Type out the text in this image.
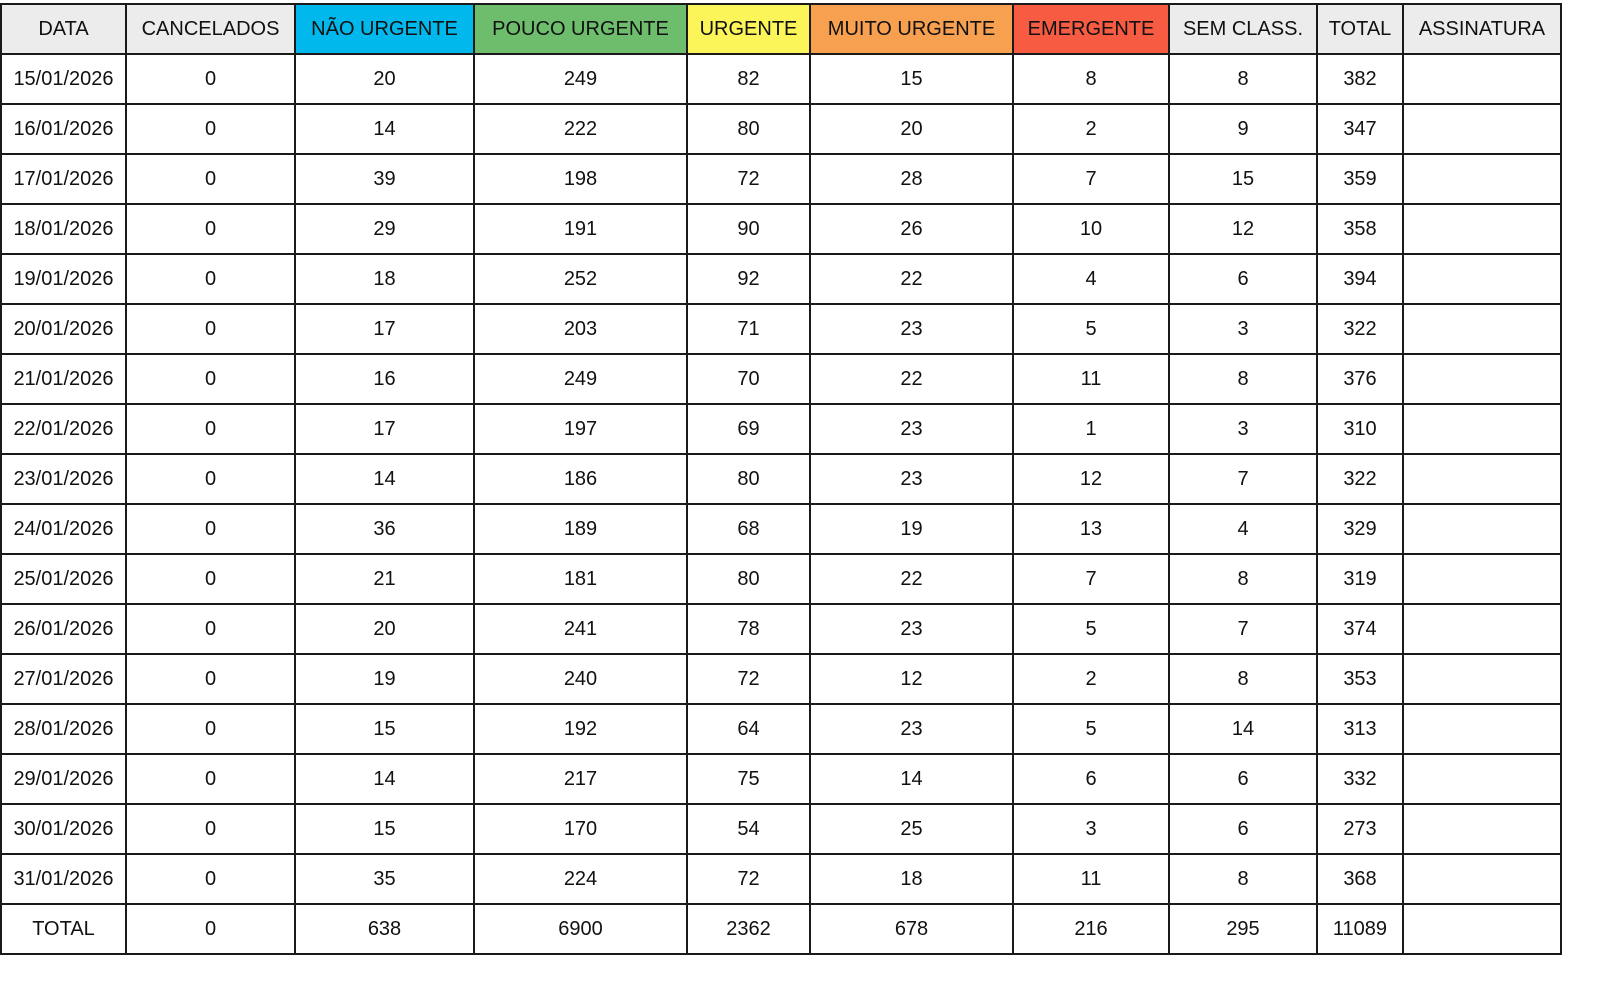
DATA	CANCELADOS	NÃO URGENTE	POUCO URGENTE	URGENTE	MUITO URGENTE	EMERGENTE	SEM CLASS.	TOTAL	ASSINATURA
15/01/2026	0	20	249	82	15	8	8	382	
16/01/2026	0	14	222	80	20	2	9	347	
17/01/2026	0	39	198	72	28	7	15	359	
18/01/2026	0	29	191	90	26	10	12	358	
19/01/2026	0	18	252	92	22	4	6	394	
20/01/2026	0	17	203	71	23	5	3	322	
21/01/2026	0	16	249	70	22	11	8	376	
22/01/2026	0	17	197	69	23	1	3	310	
23/01/2026	0	14	186	80	23	12	7	322	
24/01/2026	0	36	189	68	19	13	4	329	
25/01/2026	0	21	181	80	22	7	8	319	
26/01/2026	0	20	241	78	23	5	7	374	
27/01/2026	0	19	240	72	12	2	8	353	
28/01/2026	0	15	192	64	23	5	14	313	
29/01/2026	0	14	217	75	14	6	6	332	
30/01/2026	0	15	170	54	25	3	6	273	
31/01/2026	0	35	224	72	18	11	8	368	
TOTAL	0	638	6900	2362	678	216	295	11089	
